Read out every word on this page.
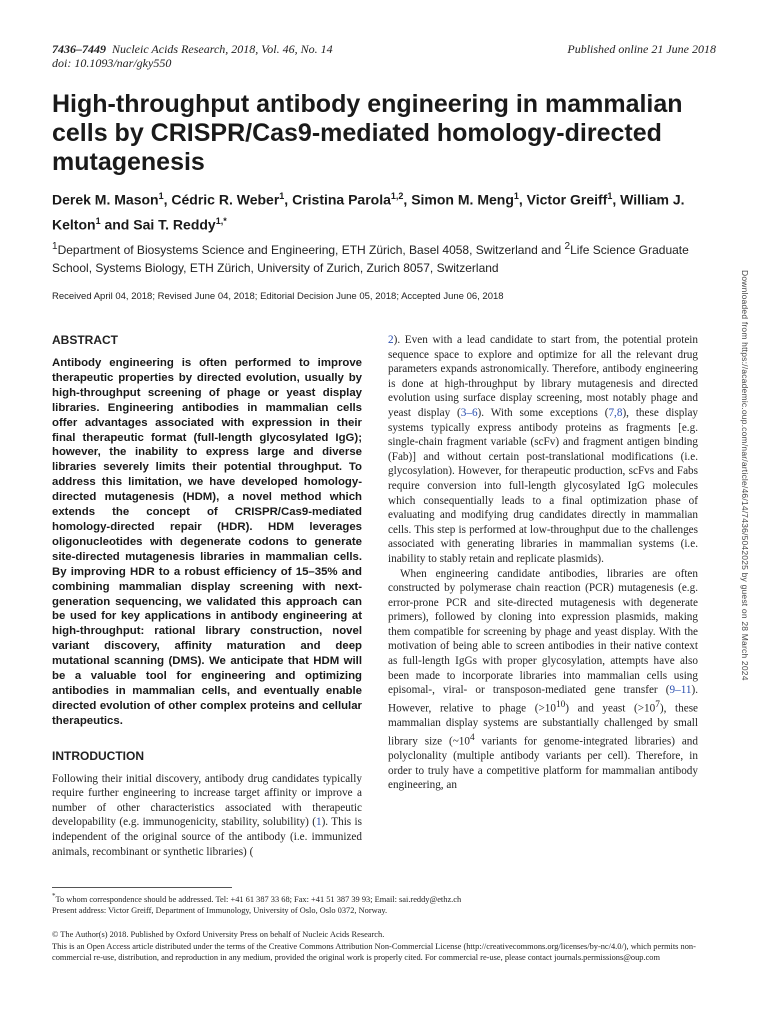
7436–7449 Nucleic Acids Research, 2018, Vol. 46, No. 14
doi: 10.1093/nar/gky550
Published online 21 June 2018
High-throughput antibody engineering in mammalian cells by CRISPR/Cas9-mediated homology-directed mutagenesis

Derek M. Mason$^1$, Cédric R. Weber$^1$, Cristina Parola$^{1,2}$, Simon M. Meng$^1$, Victor Greiff$^1$, William J. Kelton$^1$ and Sai T. Reddy$^{1,*}$

$^1$Department of Biosystems Science and Engineering, ETH Zürich, Basel 4058, Switzerland and $^2$Life Science Graduate School, Systems Biology, ETH Zürich, University of Zurich, Zurich 8057, Switzerland

Received April 04, 2018; Revised June 04, 2018; Editorial Decision June 05, 2018; Accepted June 06, 2018	Downloaded from https://academic.oup.com/nar/article/46/14/7436/5042025 by guest on 28 March 2024
ABSTRACT

Antibody engineering is often performed to improve therapeutic properties by directed evolution, usually by high-throughput screening of phage or yeast display libraries. Engineering antibodies in mammalian cells offer advantages associated with expression in their final therapeutic format (full-length glycosylated IgG); however, the inability to express large and diverse libraries severely limits their potential throughput. To address this limitation, we have developed homology-directed mutagenesis (HDM), a novel method which extends the concept of CRISPR/Cas9-mediated homology-directed repair (HDR). HDM leverages oligonucleotides with degenerate codons to generate site-directed mutagenesis libraries in mammalian cells. By improving HDR to a robust efficiency of 15–35% and combining mammalian display screening with next-generation sequencing, we validated this approach can be used for key applications in antibody engineering at high-throughput: rational library construction, novel variant discovery, affinity maturation and deep mutational scanning (DMS). We anticipate that HDM will be a valuable tool for engineering and optimizing antibodies in mammalian cells, and eventually enable directed evolution of other complex proteins and cellular therapeutics.

INTRODUCTION

Following their initial discovery, antibody drug candidates typically require further engineering to increase target affinity or improve a number of other characteristics associated with therapeutic developability (e.g. immunogenicity, stability, solubility) (1). This is independent of the original source of the antibody (i.e. immunized animals, recombinant or synthetic libraries) (

2). Even with a lead candidate to start from, the potential protein sequence space to explore and optimize for all the relevant drug parameters expands astronomically. Therefore, antibody engineering is done at high-throughput by library mutagenesis and directed evolution using surface display screening, most notably phage and yeast display (3–6). With some exceptions (7,8), these display systems typically express antibody proteins as fragments [e.g. single-chain fragment variable (scFv) and fragment antigen binding (Fab)] and without certain post-translational modifications (i.e. glycosylation). However, for therapeutic production, scFvs and Fabs require conversion into full-length glycosylated IgG molecules which consequentially leads to a final optimization phase of evaluating and modifying drug candidates directly in mammalian cells. This step is performed at low-throughput due to the challenges associated with generating libraries in mammalian systems (i.e. inability to stably retain and replicate plasmids).

When engineering candidate antibodies, libraries are often constructed by polymerase chain reaction (PCR) mutagenesis (e.g. error-prone PCR and site-directed mutagenesis with degenerate primers), followed by cloning into expression plasmids, making them compatible for screening by phage and yeast display. With the motivation of being able to screen antibodies in their native context as full-length IgGs with proper glycosylation, attempts have also been made to incorporate libraries into mammalian cells using episomal-, viral- or transposon-mediated gene transfer (9–11). However, relative to phage $(>10^{10})$ and yeast $(>10^7)$, these mammalian display systems are substantially challenged by small library size ($\sim 10^4$ variants for genome-integrated libraries) and polyclonality (multiple antibody variants per cell). Therefore, in order to truly have a competitive platform for mammalian antibody engineering, an

*To whom correspondence should be addressed. Tel: +41 61 387 33 68; Fax: +41 51 387 39 93; Email: sai.reddy@ethz.ch

Present address: Victor Greiff, Department of Immunology, University of Oslo, Oslo 0372, Norway.

© The Author(s) 2018. Published by Oxford University Press on behalf of Nucleic Acids Research.

This is an Open Access article distributed under the terms of the Creative Commons Attribution Non-Commercial License (http://creativecommons.org/licenses/by-nc/4.0/), which permits non-commercial re-use, distribution, and reproduction in any medium, provided the original work is properly cited. For commercial re-use, please contact journals.permissions@oup.com
